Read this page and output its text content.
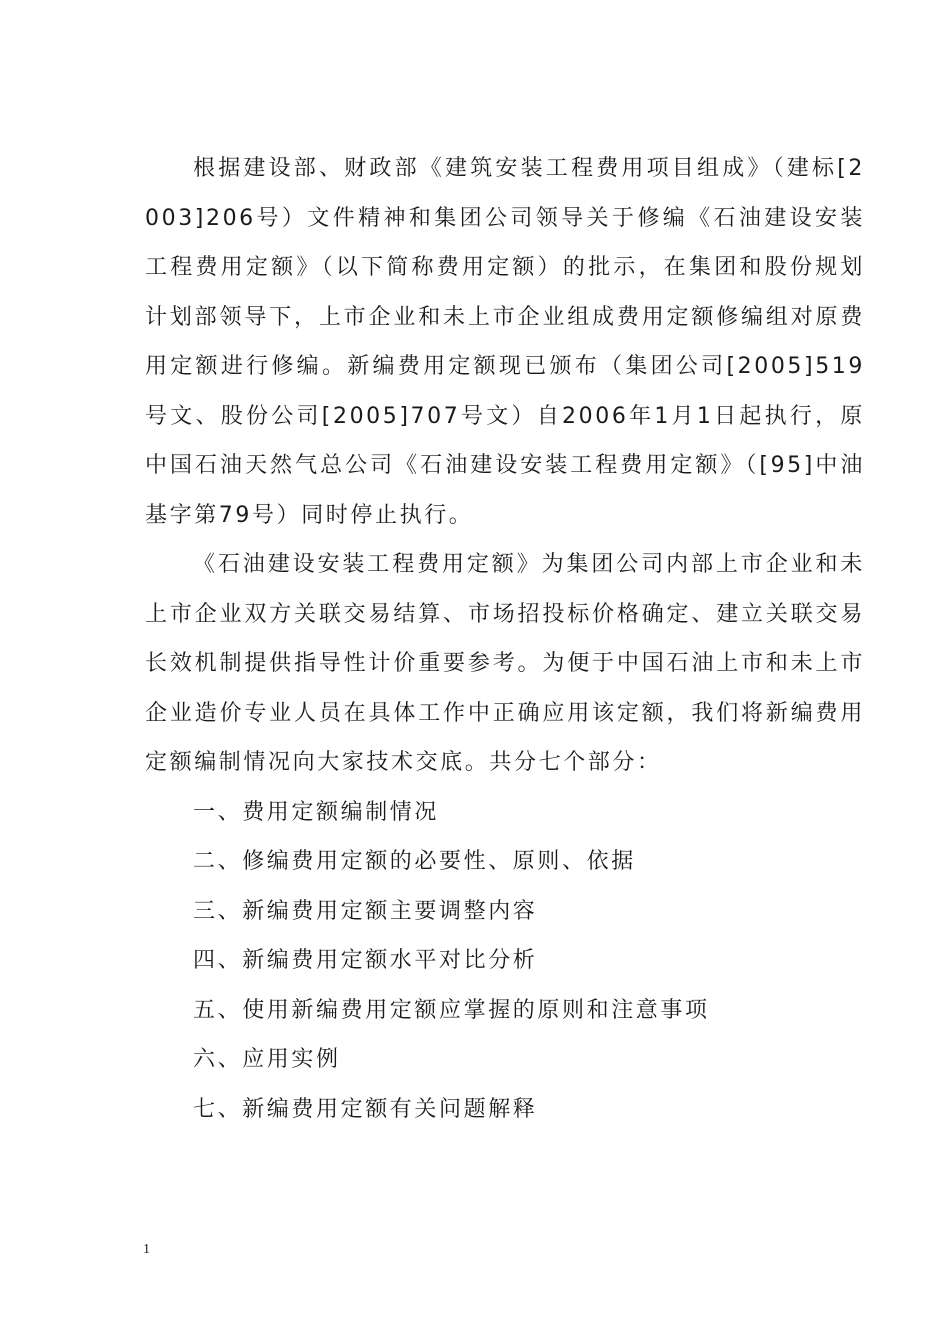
根据建设部、财政部《建筑安装工程费用项目组成》（建标[2003]206号）文件精神和集团公司领导关于修编《石油建设安装工程费用定额》（以下简称费用定额）的批示，在集团和股份规划计划部领导下，上市企业和未上市企业组成费用定额修编组对原费用定额进行修编。新编费用定额现已颁布（集团公司[2005]519号文、股份公司[2005]707号文）自2006年1月1日起执行，原中国石油天然气总公司《石油建设安装工程费用定额》（[95]中油基字第79号）同时停止执行。

《石油建设安装工程费用定额》为集团公司内部上市企业和未上市企业双方关联交易结算、市场招投标价格确定、建立关联交易长效机制提供指导性计价重要参考。为便于中国石油上市和未上市企业造价专业人员在具体工作中正确应用该定额，我们将新编费用定额编制情况向大家技术交底。共分七个部分：

一、费用定额编制情况
二、修编费用定额的必要性、原则、依据
三、新编费用定额主要调整内容
四、新编费用定额水平对比分析
五、使用新编费用定额应掌握的原则和注意事项
六、应用实例
七、新编费用定额有关问题解释
1
